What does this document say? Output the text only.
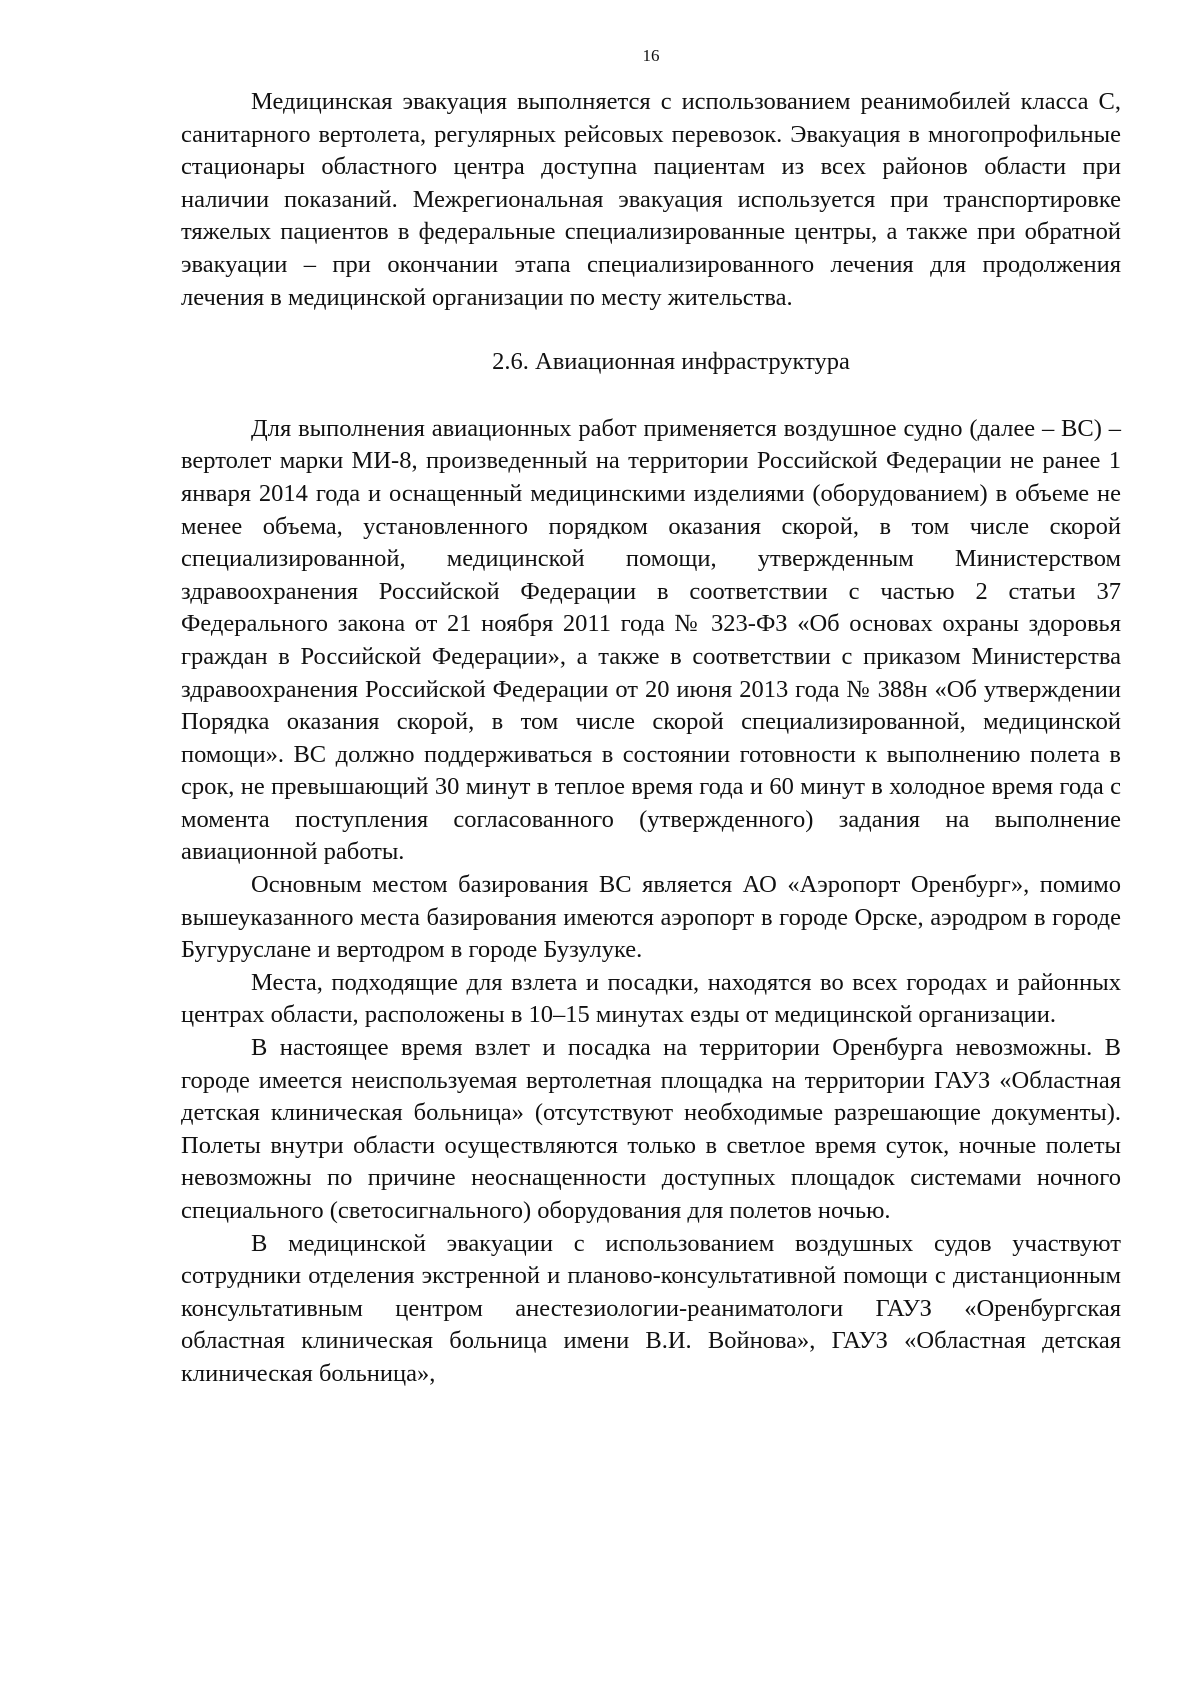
16

Медицинская эвакуация выполняется с использованием реанимобилей класса С, санитарного вертолета, регулярных рейсовых перевозок. Эвакуация в многопрофильные стационары областного центра доступна пациентам из всех районов области при наличии показаний. Межрегиональная эвакуация используется при транспортировке тяжелых пациентов в федеральные специализированные центры, а также при обратной эвакуации – при окончании этапа специализированного лечения для продолжения лечения в медицинской организации по месту жительства.

2.6. Авиационная инфраструктура

Для выполнения авиационных работ применяется воздушное судно (далее – ВС) – вертолет марки МИ-8, произведенный на территории Российской Федерации не ранее 1 января 2014 года и оснащенный медицинскими изделиями (оборудованием) в объеме не менее объема, установленного порядком оказания скорой, в том числе скорой специализированной, медицинской помощи, утвержденным Министерством здравоохранения Российской Федерации в соответствии с частью 2 статьи 37 Федерального закона от 21 ноября 2011 года № 323-ФЗ «Об основах охраны здоровья граждан в Российской Федерации», а также в соответствии с приказом Министерства здравоохранения Российской Федерации от 20 июня 2013 года № 388н «Об утверждении Порядка оказания скорой, в том числе скорой специализированной, медицинской помощи». ВС должно поддерживаться в состоянии готовности к выполнению полета в срок, не превышающий 30 минут в теплое время года и 60 минут в холодное время года с момента поступления согласованного (утвержденного) задания на выполнение авиационной работы.

Основным местом базирования ВС является АО «Аэропорт Оренбург», помимо вышеуказанного места базирования имеются аэропорт в городе Орске, аэродром в городе Бугуруслане и вертодром в городе Бузулуке.

Места, подходящие для взлета и посадки, находятся во всех городах и районных центрах области, расположены в 10–15 минутах езды от медицинской организации.

В настоящее время взлет и посадка на территории Оренбурга невозможны. В городе имеется неиспользуемая вертолетная площадка на территории ГАУЗ «Областная детская клиническая больница» (отсутствуют необходимые разрешающие документы). Полеты внутри области осуществляются только в светлое время суток, ночные полеты невозможны по причине неоснащенности доступных площадок системами ночного специального (светосигнального) оборудования для полетов ночью.

В медицинской эвакуации с использованием воздушных судов участвуют сотрудники отделения экстренной и планово-консультативной помощи с дистанционным консультативным центром анестезиологии-реаниматологи ГАУЗ «Оренбургская областная клиническая больница имени В.И. Войнова», ГАУЗ «Областная детская клиническая больница»,
